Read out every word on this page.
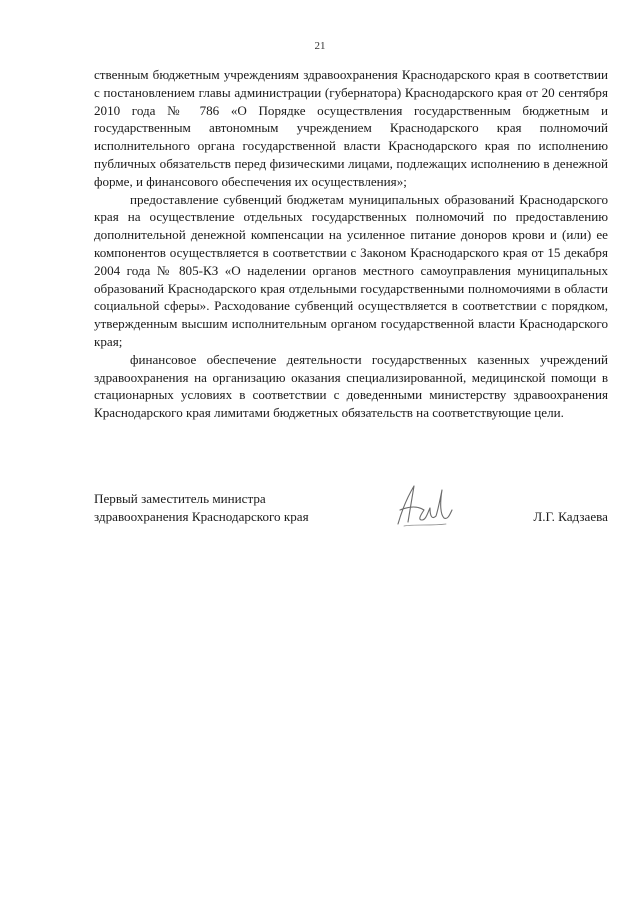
21

ственным бюджетным учреждениям здравоохранения Краснодарского края в соответствии с постановлением главы администрации (губернатора) Краснодарского края от 20 сентября 2010 года № 786 «О Порядке осуществления государственным бюджетным и государственным автономным учреждением Краснодарского края полномочий исполнительного органа государственной власти Краснодарского края по исполнению публичных обязательств перед физическими лицами, подлежащих исполнению в денежной форме, и финансового обеспечения их осуществления»;

предоставление субвенций бюджетам муниципальных образований Краснодарского края на осуществление отдельных государственных полномочий по предоставлению дополнительной денежной компенсации на усиленное питание доноров крови и (или) ее компонентов осуществляется в соответствии с Законом Краснодарского края от 15 декабря 2004 года № 805-КЗ «О наделении органов местного самоуправления муниципальных образований Краснодарского края отдельными государственными полномочиями в области социальной сферы». Расходование субвенций осуществляется в соответствии с порядком, утвержденным высшим исполнительным органом государственной власти Краснодарского края;

финансовое обеспечение деятельности государственных казенных учреждений здравоохранения на организацию оказания специализированной, медицинской помощи в стационарных условиях в соответствии с доведенными министерству здравоохранения Краснодарского края лимитами бюджетных обязательств на соответствующие цели.

Первый заместитель министра
здравоохранения Краснодарского края	Л.Г. Кадзаева
